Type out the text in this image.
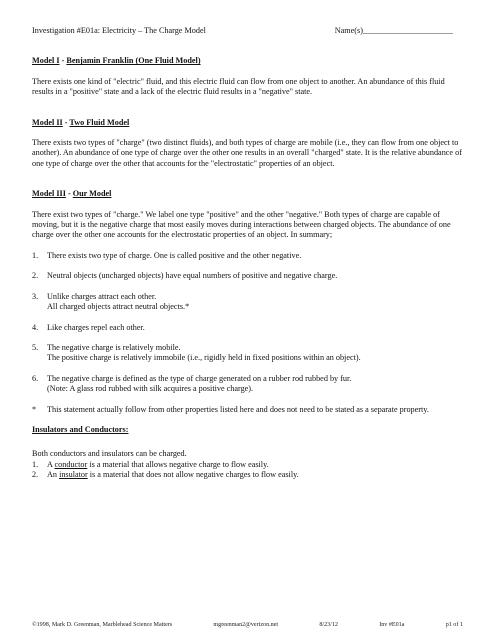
Investigation #E01a: Electricity – The Charge Model	Name(s)______________________
Model I - Benjamin Franklin (One Fluid Model)

There exists one kind of "electric" fluid, and this electric fluid can flow from one object to another. An abundance of this fluid results in a "positive" state and a lack of the electric fluid results in a "negative" state.

Model II - Two Fluid Model

There exists two types of "charge" (two distinct fluids), and both types of charge are mobile (i.e., they can flow from one object to another). An abundance of one type of charge over the other one results in an overall "charged" state. It is the relative abundance of one type of charge over the other that accounts for the "electrostatic" properties of an object.

Model III - Our Model

There exist two types of "charge." We label one type "positive" and the other "negative." Both types of charge are capable of moving, but it is the negative charge that most easily moves during interactions between charged objects. The abundance of one charge over the other one accounts for the electrostatic properties of an object. In summary;

1.	There exists two type of charge. One is called positive and the other negative.
2.	Neutral objects (uncharged objects) have equal numbers of positive and negative charge.
3.	Unlike charges attract each other.
All charged objects attract neutral objects.*
4.	Like charges repel each other.
5.	The negative charge is relatively mobile.
The positive charge is relatively immobile (i.e., rigidly held in fixed positions within an object).
6.	The negative charge is defined as the type of charge generated on a rubber rod rubbed by fur.
(Note: A glass rod rubbed with silk acquires a positive charge).
*	This statement actually follow from other properties listed here and does not need to be stated as a separate property.
Insulators and Conductors:
Both conductors and insulators can be charged.
1.	A conductor is a material that allows negative charge to flow easily.
2.	An insulator is a material that does not allow negative charges to flow easily.
©1998, Mark D. Greenman, Marblehead Science Matters	mgreenman2@verizon.net	8/23/12	Inv #E01a	p1 of 1
